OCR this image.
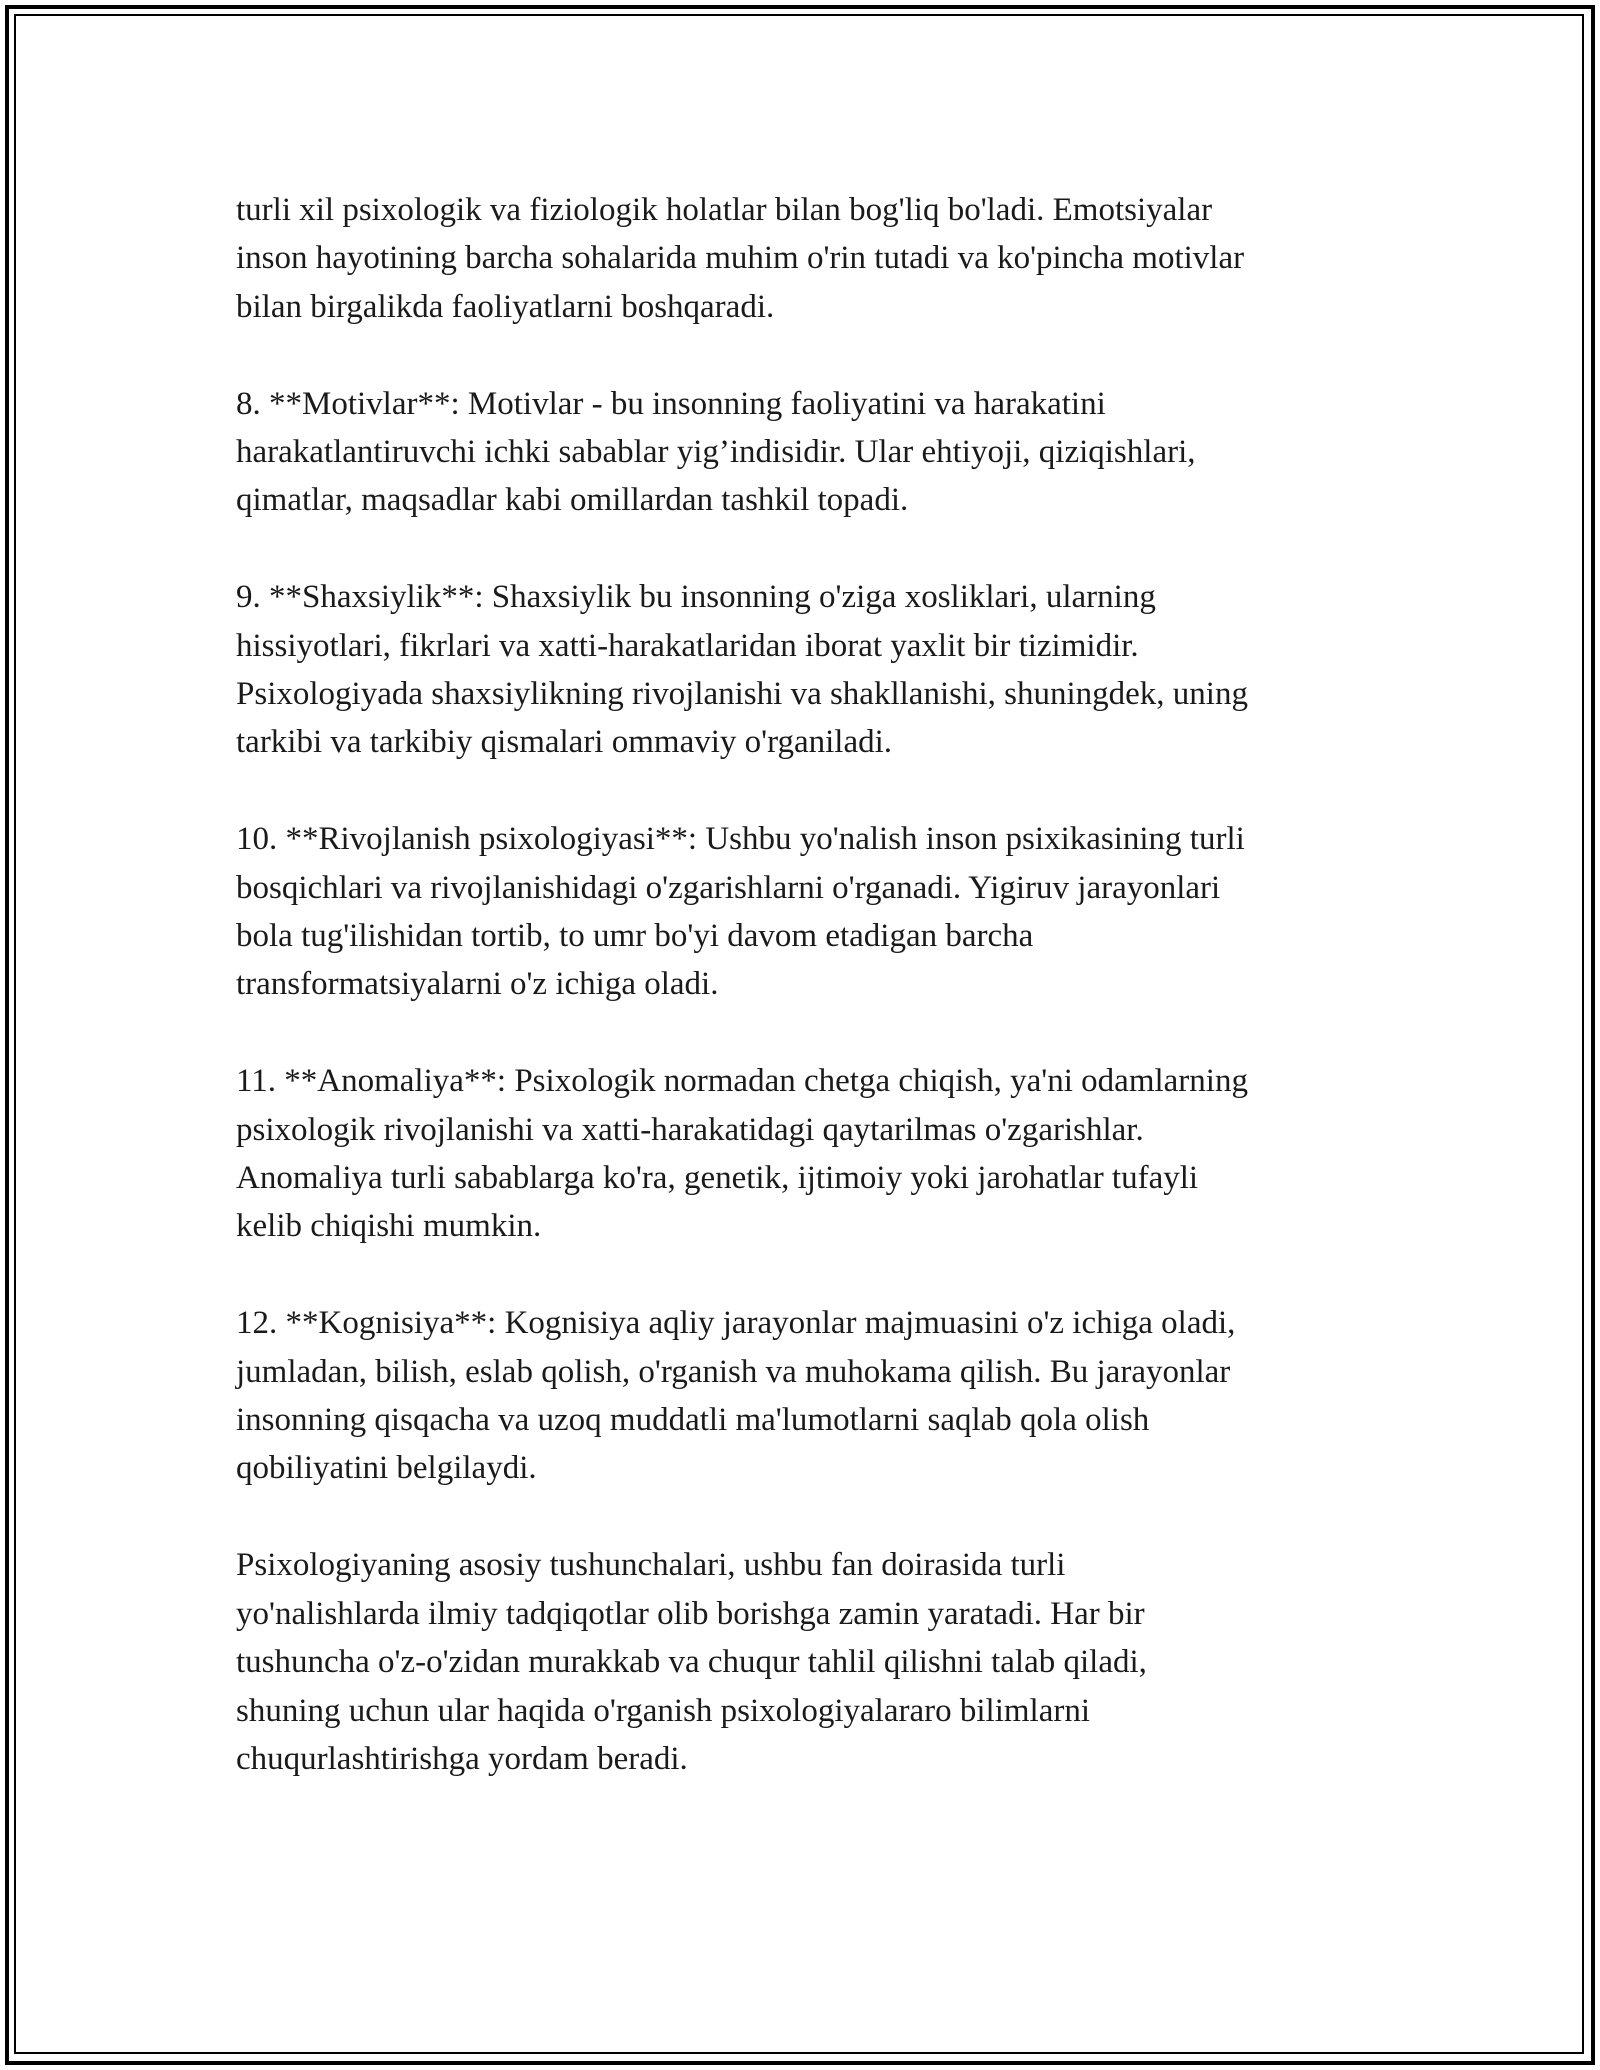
turli xil psixologik va fiziologik holatlar bilan bog'liq bo'ladi. Emotsiyalar
inson hayotining barcha sohalarida muhim o'rin tutadi va ko'pincha motivlar
bilan birgalikda faoliyatlarni boshqaradi.

8. **Motivlar**: Motivlar - bu insonning faoliyatini va harakatini
harakatlantiruvchi ichki sabablar yig’indisidir. Ular ehtiyoji, qiziqishlari,
qimatlar, maqsadlar kabi omillardan tashkil topadi.

9. **Shaxsiylik**: Shaxsiylik bu insonning o'ziga xosliklari, ularning
hissiyotlari, fikrlari va xatti-harakatlaridan iborat yaxlit bir tizimidir.
Psixologiyada shaxsiylikning rivojlanishi va shakllanishi, shuningdek, uning
tarkibi va tarkibiy qismalari ommaviy o'rganiladi.

10. **Rivojlanish psixologiyasi**: Ushbu yo'nalish inson psixikasining turli
bosqichlari va rivojlanishidagi o'zgarishlarni o'rganadi. Yigiruv jarayonlari
bola tug'ilishidan tortib, to umr bo'yi davom etadigan barcha
transformatsiyalarni o'z ichiga oladi.

11. **Anomaliya**: Psixologik normadan chetga chiqish, ya'ni odamlarning
psixologik rivojlanishi va xatti-harakatidagi qaytarilmas o'zgarishlar.
Anomaliya turli sabablarga ko'ra, genetik, ijtimoiy yoki jarohatlar tufayli
kelib chiqishi mumkin.

12. **Kognisiya**: Kognisiya aqliy jarayonlar majmuasini o'z ichiga oladi,
jumladan, bilish, eslab qolish, o'rganish va muhokama qilish. Bu jarayonlar
insonning qisqacha va uzoq muddatli ma'lumotlarni saqlab qola olish
qobiliyatini belgilaydi.

Psixologiyaning asosiy tushunchalari, ushbu fan doirasida turli
yo'nalishlarda ilmiy tadqiqotlar olib borishga zamin yaratadi. Har bir
tushuncha o'z-o'zidan murakkab va chuqur tahlil qilishni talab qiladi,
shuning uchun ular haqida o'rganish psixologiyalararo bilimlarni
chuqurlashtirishga yordam beradi.
